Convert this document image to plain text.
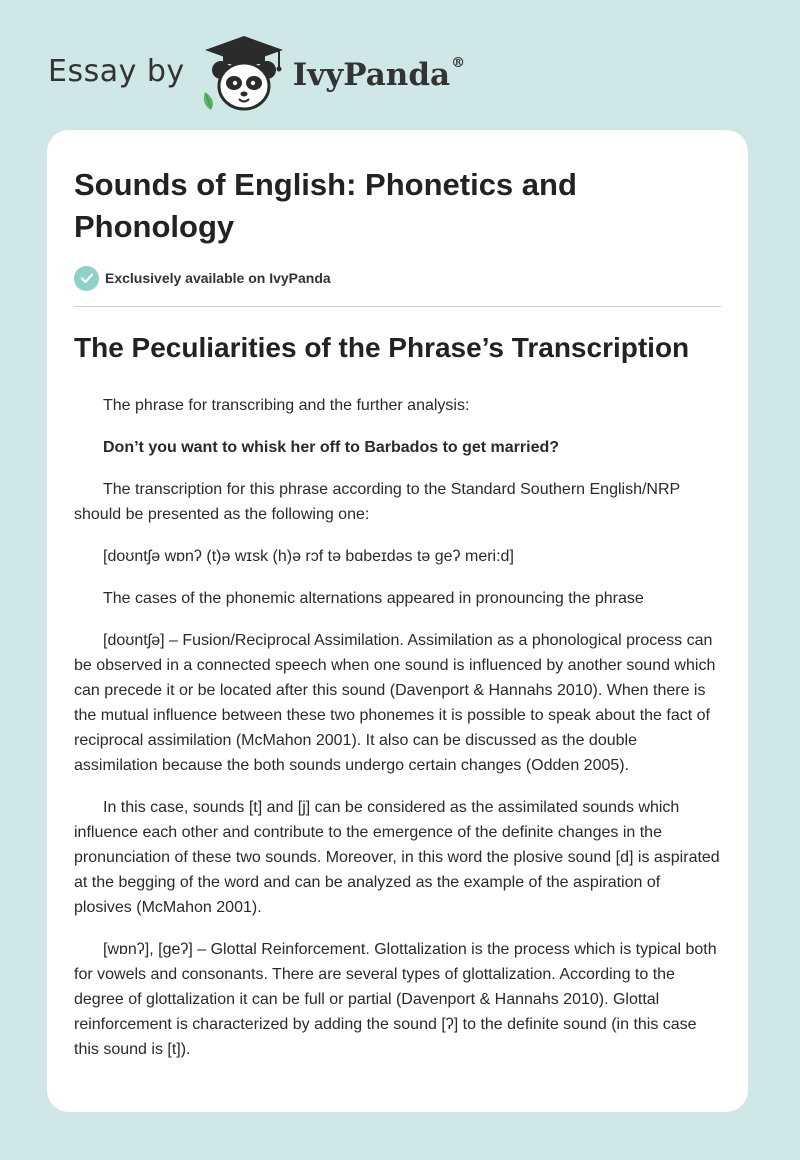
Essay by	IvyPanda®
Sounds of English: Phonetics and Phonology
Exclusively available on IvyPanda
The Peculiarities of the Phrase’s Transcription

The phrase for transcribing and the further analysis:

Don’t you want to whisk her off to Barbados to get married?

The transcription for this phrase according to the Standard Southern English/NRP should be presented as the following one:

[doʊntʃə wɒnʔ (t)ə wɪsk (h)ə rɔf tə bɑbeɪdəs tə geʔ meri:d]

The cases of the phonemic alternations appeared in pronouncing the phrase

[doʊntʃə] – Fusion/Reciprocal Assimilation. Assimilation as a phonological process can be observed in a connected speech when one sound is influenced by another sound which can precede it or be located after this sound (Davenport & Hannahs 2010). When there is the mutual influence between these two phonemes it is possible to speak about the fact of reciprocal assimilation (McMahon 2001). It also can be discussed as the double assimilation because the both sounds undergo certain changes (Odden 2005).

In this case, sounds [t] and [j] can be considered as the assimilated sounds which influence each other and contribute to the emergence of the definite changes in the pronunciation of these two sounds. Moreover, in this word the plosive sound [d] is aspirated at the begging of the word and can be analyzed as the example of the aspiration of plosives (McMahon 2001).

[wɒnʔ], [geʔ] – Glottal Reinforcement. Glottalization is the process which is typical both for vowels and consonants. There are several types of glottalization. According to the degree of glottalization it can be full or partial (Davenport & Hannahs 2010). Glottal reinforcement is characterized by adding the sound [ʔ] to the definite sound (in this case this sound is [t]).
